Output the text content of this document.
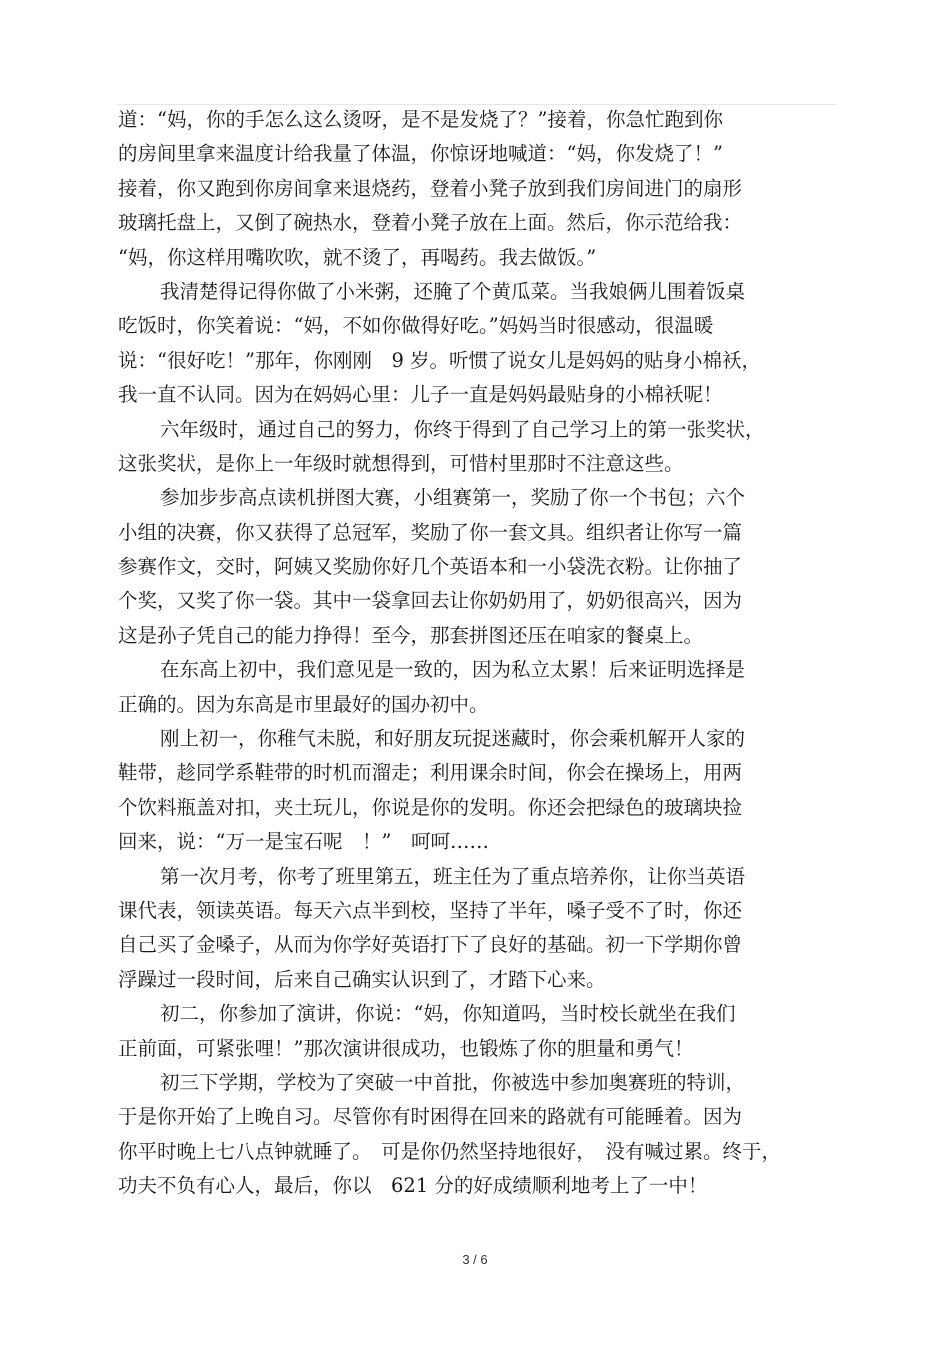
道：“妈，你的手怎么这么烫呀，是不是发烧了？”接着，你急忙跑到你
的房间里拿来温度计给我量了体温，你惊讶地喊道：“妈，你发烧了！”
接着，你又跑到你房间拿来退烧药，登着小凳子放到我们房间进门的扇形
玻璃托盘上，又倒了碗热水，登着小凳子放在上面。然后，你示范给我：
“妈，你这样用嘴吹吹，就不烫了，再喝药。我去做饭。”
我清楚得记得你做了小米粥，还腌了个黄瓜菜。当我娘俩儿围着饭桌
吃饭时，你笑着说：“妈，不如你做得好吃。”妈妈当时很感动，很温暖
说：“很好吃！”那年，你刚刚　9 岁。听惯了说女儿是妈妈的贴身小棉袄，
我一直不认同。因为在妈妈心里：儿子一直是妈妈最贴身的小棉袄呢！
六年级时，通过自己的努力，你终于得到了自己学习上的第一张奖状，
这张奖状，是你上一年级时就想得到，可惜村里那时不注意这些。
参加步步高点读机拼图大赛，小组赛第一，奖励了你一个书包；六个
小组的决赛，你又获得了总冠军，奖励了你一套文具。组织者让你写一篇
参赛作文，交时，阿姨又奖励你好几个英语本和一小袋洗衣粉。让你抽了
个奖，又奖了你一袋。其中一袋拿回去让你奶奶用了，奶奶很高兴，因为
这是孙子凭自己的能力挣得！至今，那套拼图还压在咱家的餐桌上。
在东高上初中，我们意见是一致的，因为私立太累！后来证明选择是
正确的。因为东高是市里最好的国办初中。
刚上初一，你稚气未脱，和好朋友玩捉迷藏时，你会乘机解开人家的
鞋带，趁同学系鞋带的时机而溜走；利用课余时间，你会在操场上，用两
个饮料瓶盖对扣，夹土玩儿，你说是你的发明。你还会把绿色的玻璃块捡
回来，说：“万一是宝石呢　！”　呵呵……
第一次月考，你考了班里第五，班主任为了重点培养你，让你当英语
课代表，领读英语。每天六点半到校，坚持了半年，嗓子受不了时，你还
自己买了金嗓子，从而为你学好英语打下了良好的基础。初一下学期你曾
浮躁过一段时间，后来自己确实认识到了，才踏下心来。
初二，你参加了演讲，你说：“妈，你知道吗，当时校长就坐在我们
正前面，可紧张哩！”那次演讲很成功，也锻炼了你的胆量和勇气！
初三下学期，学校为了突破一中首批，你被选中参加奥赛班的特训，
于是你开始了上晚自习。尽管你有时困得在回来的路就有可能睡着。因为
你平时晚上七八点钟就睡了。　可是你仍然坚持地很好，　没有喊过累。终于，
功夫不负有心人，最后，你以　621 分的好成绩顺利地考上了一中！
3 / 6
